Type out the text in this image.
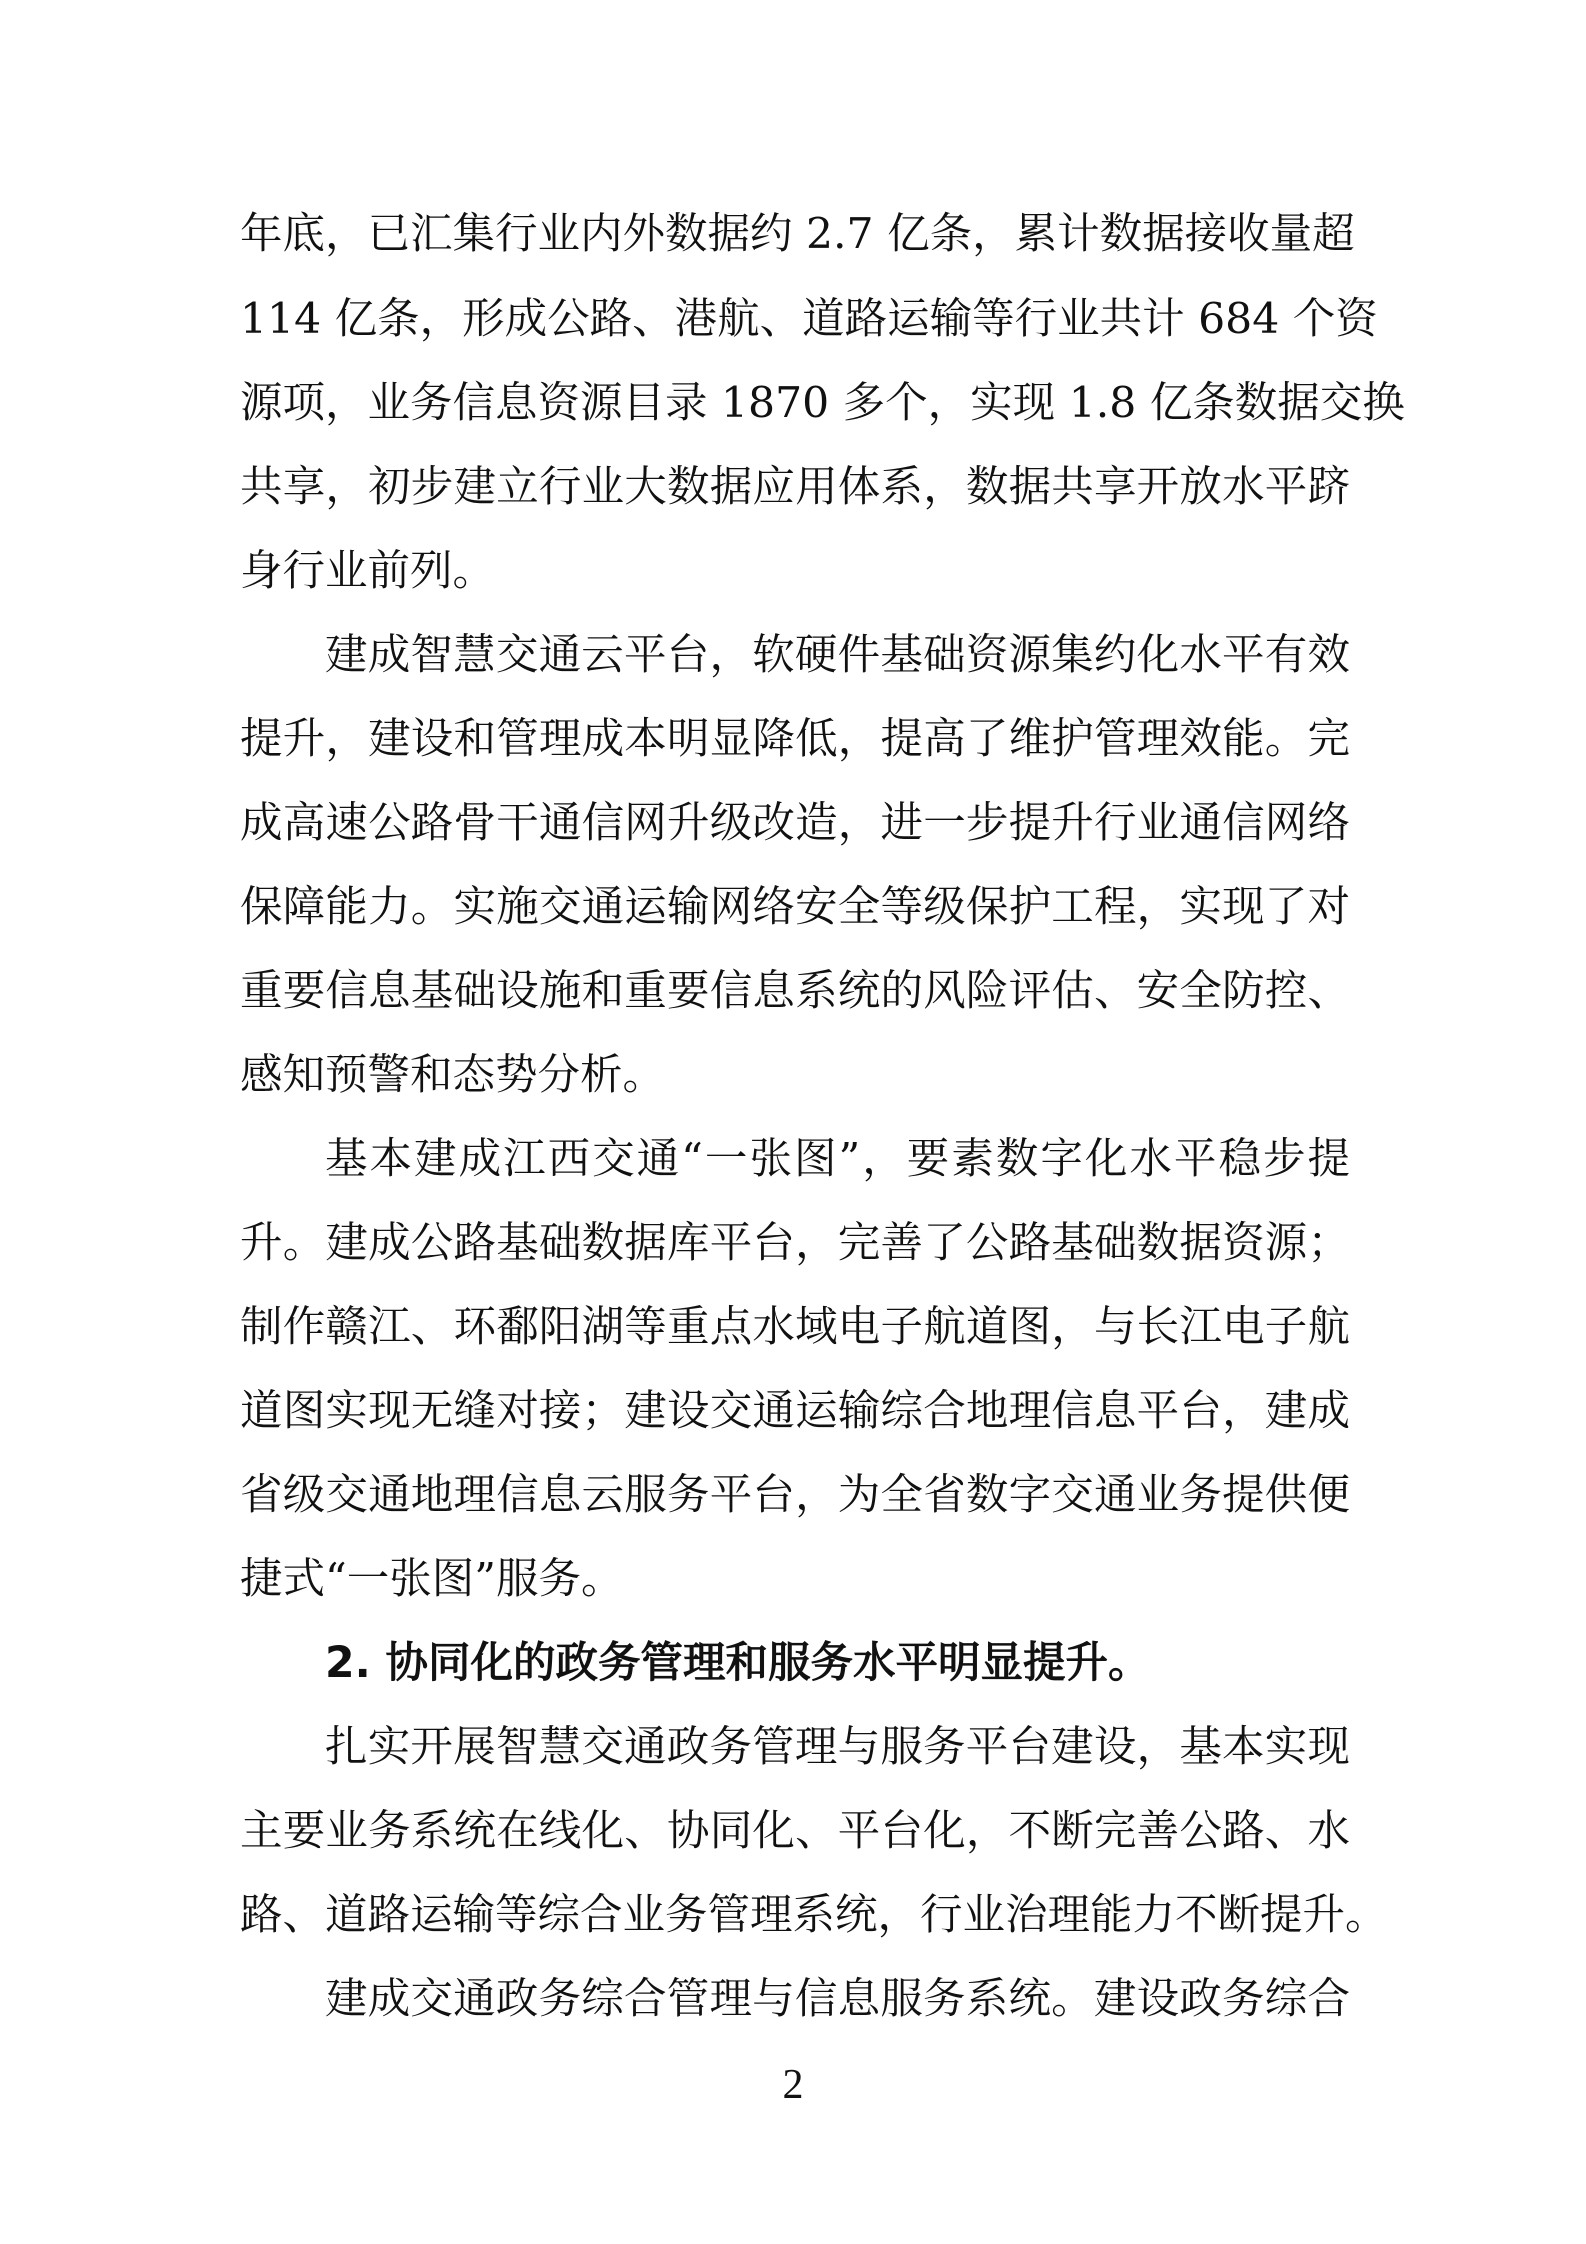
年底，已汇集行业内外数据约 2.7 亿条，累计数据接收量超
114 亿条，形成公路、港航、道路运输等行业共计 684 个资
源项，业务信息资源目录 1870 多个，实现 1.8 亿条数据交换
共享，初步建立行业大数据应用体系，数据共享开放水平跻
身行业前列。
建成智慧交通云平台，软硬件基础资源集约化水平有效
提升，建设和管理成本明显降低，提高了维护管理效能。完
成高速公路骨干通信网升级改造，进一步提升行业通信网络
保障能力。实施交通运输网络安全等级保护工程，实现了对
重要信息基础设施和重要信息系统的风险评估、安全防控、
感知预警和态势分析。
基本建成江西交通“一张图”，要素数字化水平稳步提
升。建成公路基础数据库平台，完善了公路基础数据资源；
制作赣江、环鄱阳湖等重点水域电子航道图，与长江电子航
道图实现无缝对接；建设交通运输综合地理信息平台，建成
省级交通地理信息云服务平台，为全省数字交通业务提供便
捷式“一张图”服务。
2. 协同化的政务管理和服务水平明显提升。
扎实开展智慧交通政务管理与服务平台建设，基本实现
主要业务系统在线化、协同化、平台化，不断完善公路、水
路、道路运输等综合业务管理系统，行业治理能力不断提升。
建成交通政务综合管理与信息服务系统。建设政务综合
2
